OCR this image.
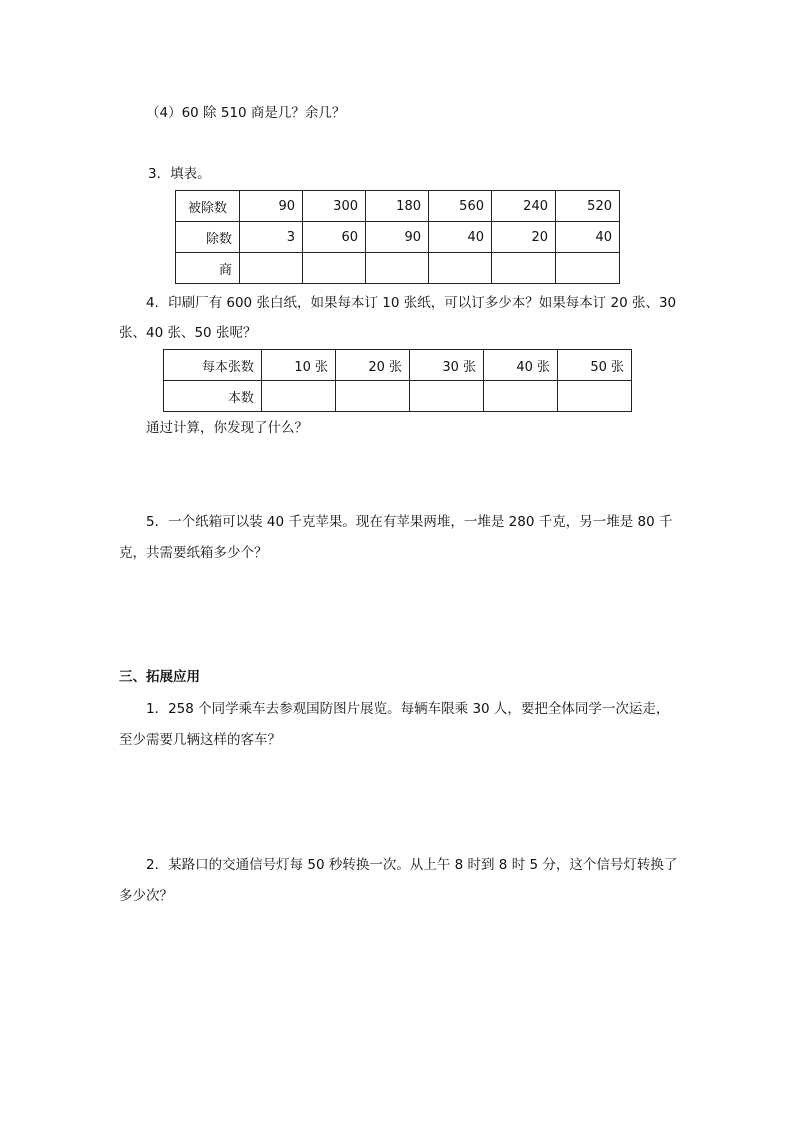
（4）60 除 510 商是几？余几？
3．填表。
被除数	90	300	180	560	240	520
除数	3	60	90	40	20	40
商						
4．印刷厂有 600 张白纸，如果每本订 10 张纸，可以订多少本？如果每本订 20 张、30
张、40 张、50 张呢？
每本张数	10 张	20 张	30 张	40 张	50 张
本数					
通过计算，你发现了什么？
5．一个纸箱可以装 40 千克苹果。现在有苹果两堆，一堆是 280 千克，另一堆是 80 千
克，共需要纸箱多少个？
三、拓展应用
1．258 个同学乘车去参观国防图片展览。每辆车限乘 30 人，要把全体同学一次运走，
至少需要几辆这样的客车？
2．某路口的交通信号灯每 50 秒转换一次。从上午 8 时到 8 时 5 分，这个信号灯转换了
多少次？
